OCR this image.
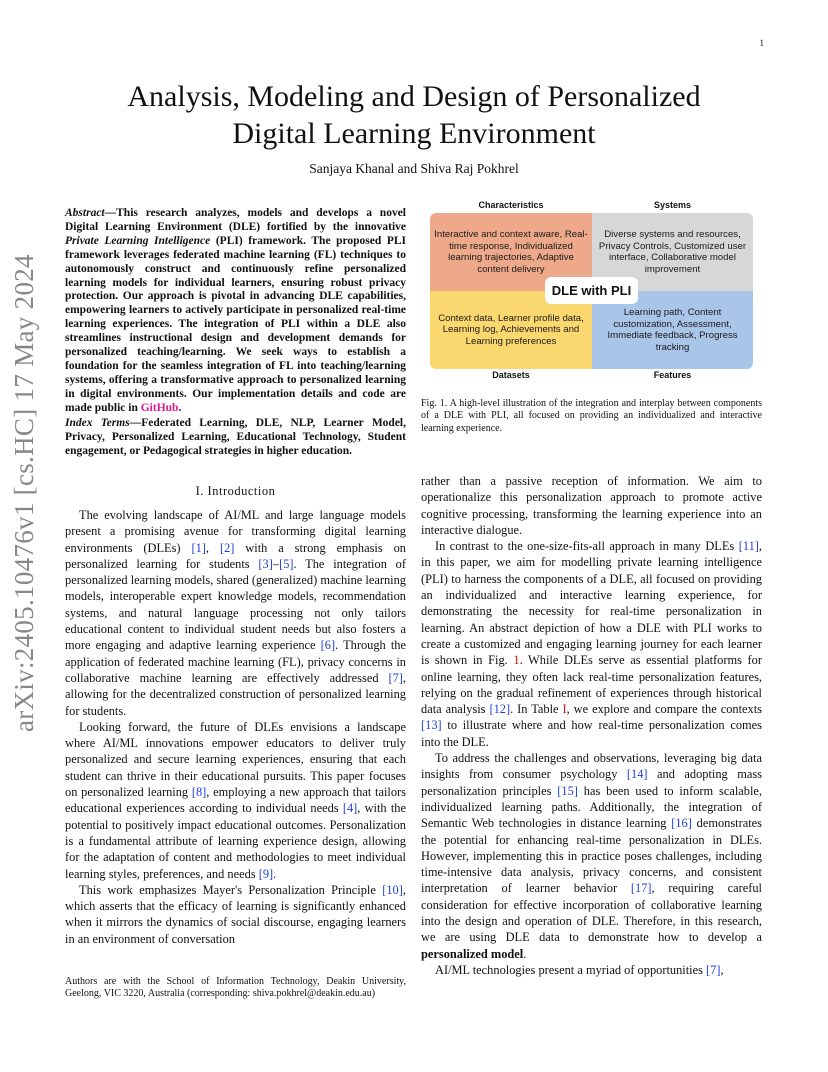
1
arXiv:2405.10476v1 [cs.HC] 17 May 2024
Analysis, Modeling and Design of Personalized
Digital Learning Environment
Sanjaya Khanal and Shiva Raj Pokhrel
Abstract—This research analyzes, models and develops a novel Digital Learning Environment (DLE) fortified by the innovative Private Learning Intelligence (PLI) framework. The proposed PLI framework leverages federated machine learning (FL) techniques to autonomously construct and continuously refine personalized learning models for individual learners, ensuring robust privacy protection. Our approach is pivotal in advancing DLE capabilities, empowering learners to actively participate in personalized real-time learning experiences. The integration of PLI within a DLE also streamlines instructional design and development demands for personalized teaching/learning. We seek ways to establish a foundation for the seamless integration of FL into teaching/learning systems, offering a transformative approach to personalized learning in digital environments. Our implementation details and code are made public in GitHub.
Index Terms—Federated Learning, DLE, NLP, Learner Model, Privacy, Personalized Learning, Educational Technology, Student engagement, or Pedagogical strategies in higher education.
I. Introduction

The evolving landscape of AI/ML and large language models present a promising avenue for transforming digital learning environments (DLEs) [1], [2] with a strong emphasis on personalized learning for students [3]–[5]. The integration of personalized learning models, shared (generalized) machine learning models, interoperable expert knowledge models, recommendation systems, and natural language processing not only tailors educational content to individual student needs but also fosters a more engaging and adaptive learning experience [6]. Through the application of federated machine learning (FL), privacy concerns in collaborative machine learning are effectively addressed [7], allowing for the decentralized construction of personalized learning for students.

Looking forward, the future of DLEs envisions a landscape where AI/ML innovations empower educators to deliver truly personalized and secure learning experiences, ensuring that each student can thrive in their educational pursuits. This paper focuses on personalized learning [8], employing a new approach that tailors educational experiences according to individual needs [4], with the potential to positively impact educational outcomes. Personalization is a fundamental attribute of learning experience design, allowing for the adaptation of content and methodologies to meet individual learning styles, preferences, and needs [9].

This work emphasizes Mayer's Personalization Principle [10], which asserts that the efficacy of learning is significantly enhanced when it mirrors the dynamics of social discourse, engaging learners in an environment of conversation

Authors are with the School of Information Technology, Deakin University, Geelong, VIC 3220, Australia (corresponding: shiva.pokhrel@deakin.edu.au)
Characteristics	Systems
Interactive and context aware, Real-time response, Individualized learning trajectories, Adaptive content delivery
Diverse systems and resources, Privacy Controls, Customized user interface, Collaborative model improvement
Context data, Learner profile data, Learning log, Achievements and Learning preferences
Learning path, Content customization, Assessment, Immediate feedback, Progress tracking
DLE with PLI
Datasets	Features
Fig. 1. A high-level illustration of the integration and interplay between components of a DLE with PLI, all focused on providing an individualized and interactive learning experience.

rather than a passive reception of information. We aim to operationalize this personalization approach to promote active cognitive processing, transforming the learning experience into an interactive dialogue.

In contrast to the one-size-fits-all approach in many DLEs [11], in this paper, we aim for modelling private learning intelligence (PLI) to harness the components of a DLE, all focused on providing an individualized and interactive learning experience, for demonstrating the necessity for real-time personalization in learning. An abstract depiction of how a DLE with PLI works to create a customized and engaging learning journey for each learner is shown in Fig. 1. While DLEs serve as essential platforms for online learning, they often lack real-time personalization features, relying on the gradual refinement of experiences through historical data analysis [12]. In Table I, we explore and compare the contexts [13] to illustrate where and how real-time personalization comes into the DLE.

To address the challenges and observations, leveraging big data insights from consumer psychology [14] and adopting mass personalization principles [15] has been used to inform scalable, individualized learning paths. Additionally, the integration of Semantic Web technologies in distance learning [16] demonstrates the potential for enhancing real-time personalization in DLEs. However, implementing this in practice poses challenges, including time-intensive data analysis, privacy concerns, and consistent interpretation of learner behavior [17], requiring careful consideration for effective incorporation of collaborative learning into the design and operation of DLE. Therefore, in this research, we are using DLE data to demonstrate how to develop a personalized model.

AI/ML technologies present a myriad of opportunities [7],
